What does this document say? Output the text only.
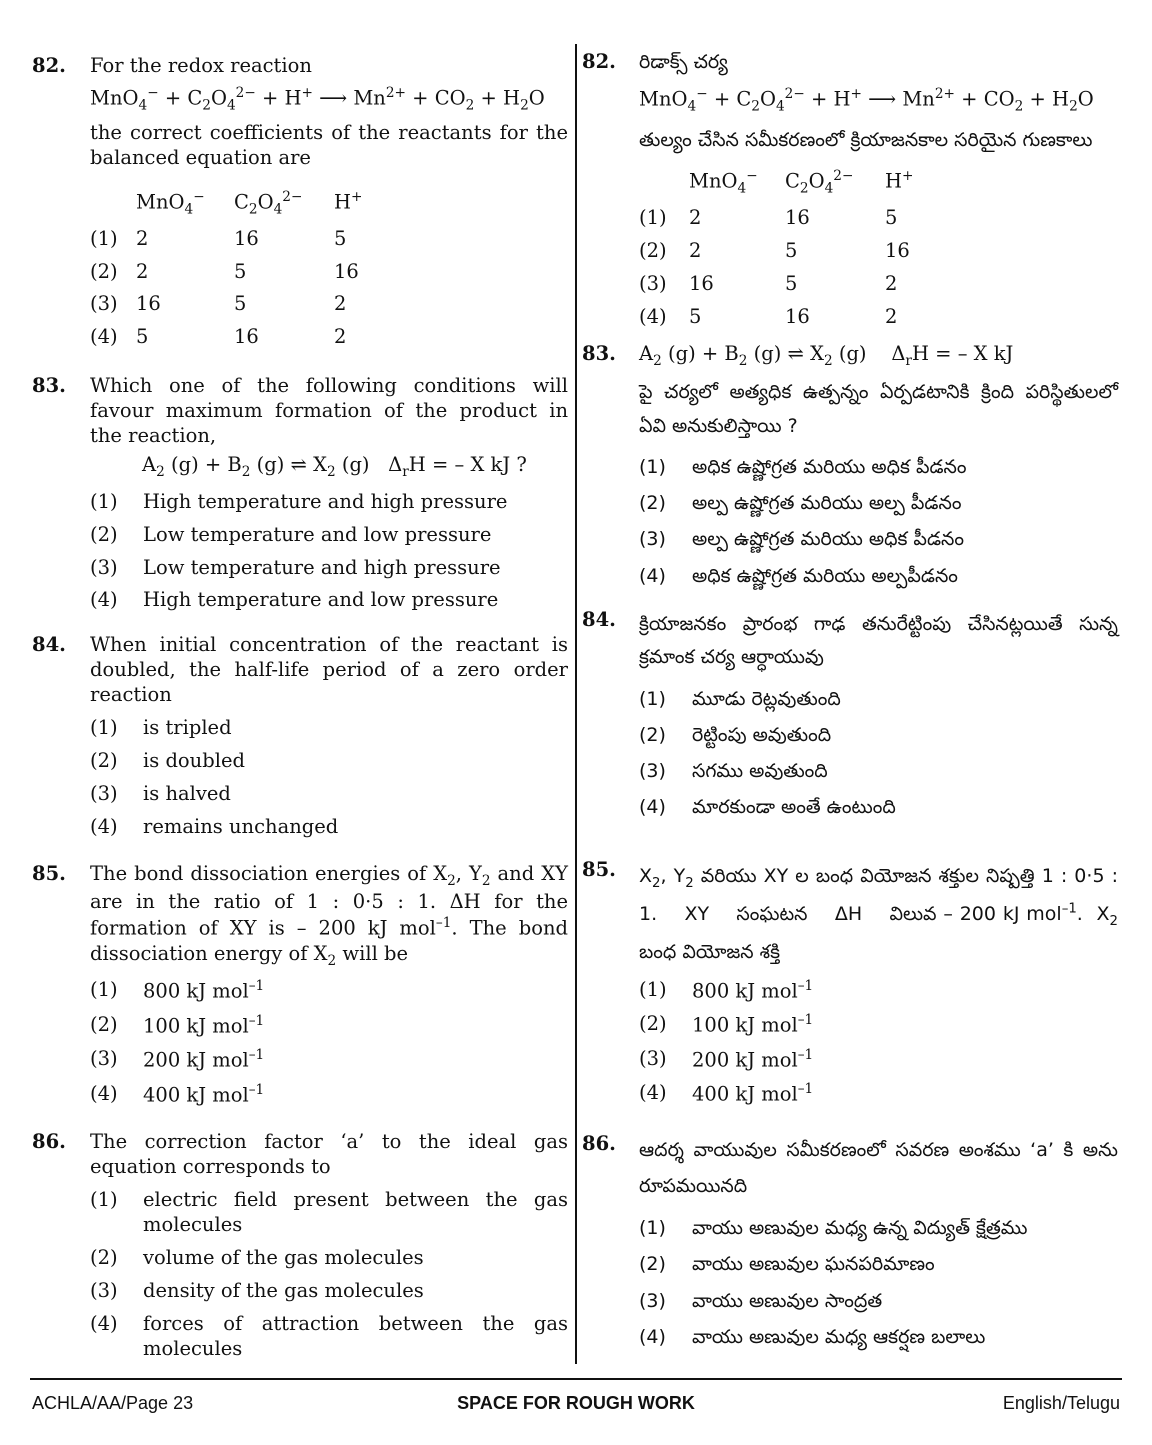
82. For the redox reaction
$MnO_4^- + C_2O_4^{2-} + H^+$ ⟶ $Mn^{2+} + CO_2 + H_2O$
the correct coefficients of the reactants for the balanced equation are
	MnO$_4$−	$C_2O_4^{2-}$	H+
(1)	2	16	5
(2)	2	5	16
(3)	16	5	2
(4)	5	16	2
83. Which one of the following conditions will favour maximum formation of the product in the reaction,
$A_2$ $(g) + B_2$ (g) ⇌ $X_2$ (g)   $\Delta_rH$ = – X kJ ?
(1) High temperature and high pressure
(2) Low temperature and low pressure
(3) Low temperature and high pressure
(4) High temperature and low pressure
84. When initial concentration of the reactant is doubled, the half-life period of a zero order reaction
(1) is tripled
(2) is doubled
(3) is halved
(4) remains unchanged
85. The bond dissociation energies of $X_2$, $Y_2$ and XY are in the ratio of 1 : 0·5 : 1. ΔH for the formation of XY is – 200 kJ mol$^{-1}$. The bond dissociation energy of $X_2$ will be
(1) 800 kJ mol$^{-1}$
(2) 100 kJ mol$^{-1}$
(3) 200 kJ mol$^{-1}$
(4) 400 kJ mol$^{-1}$
86. The correction factor ‘a’ to the ideal gas equation corresponds to
(1) electric field present between the gas molecules
(2) volume of the gas molecules
(3) density of the gas molecules
(4) forces of attraction between the gas molecules
82. రిడాక్స్ చర్య
$MnO_4^- + C_2O_4^{2-} + H^+$ ⟶ $Mn^{2+} + CO_2 + H_2O$
తుల్యం చేసిన సమీకరణంలో క్రియాజనకాల సరియైన గుణకాలు
	MnO$_4$−	$C_2O_4^{2-}$	H+
(1)	2	16	5
(2)	2	5	16
(3)	16	5	2
(4)	5	16	2
83. $A_2$ $(g) + B_2$ (g) ⇌ $X_2$ (g)    $\Delta_rH$ = – X kJ
పై చర్యలో అత్యధిక ఉత్పన్నం ఏర్పడటానికి క్రింది పరిస్థితులలో ఏవి అనుకులిస్తాయి ?
(1) అధిక ఉష్ణోగ్రత మరియు అధిక పీడనం
(2) అల్ప ఉష్ణోగ్రత మరియు అల్ప పీడనం
(3) అల్ప ఉష్ణోగ్రత మరియు అధిక పీడనం
(4) అధిక ఉష్ణోగ్రత మరియు అల్పపీడనం
84. క్రియాజనకం ప్రారంభ గాఢ తనురేట్టింపు చేసినట్లయితే సున్న క్రమాంక చర్య ఆర్ధాయువు
(1) మూడు రెట్లవుతుంది
(2) రెట్టింపు అవుతుంది
(3) సగము అవుతుంది
(4) మారకుండా అంతే ఉంటుంది
85. $X_2$, $Y_2$ వరియు XY ల బంధ వియోజన శక్తుల నిష్పత్తి 1 : 0·5 : 1.    XY    సంఘటన    ΔH    విలువ – 200 kJ mol$^{-1}$.  $X_2$ బంధ వియోజన శక్తి
(1) 800 kJ mol$^{-1}$
(2) 100 kJ mol$^{-1}$
(3) 200 kJ mol$^{-1}$
(4) 400 kJ mol$^{-1}$
86. ఆదర్శ వాయువుల సమీకరణంలో సవరణ అంశము ‘a’ కి అను రూపమయినది
(1) వాయు అణువుల మధ్య ఉన్న విద్యుత్ క్షేత్రము
(2) వాయు అణువుల ఘనపరిమాణం
(3) వాయు అణువుల సాంద్రత
(4) వాయు అణువుల మధ్య ఆకర్షణ బలాలు
ACHLA/AA/Page 23	SPACE FOR ROUGH WORK	English/Telugu
